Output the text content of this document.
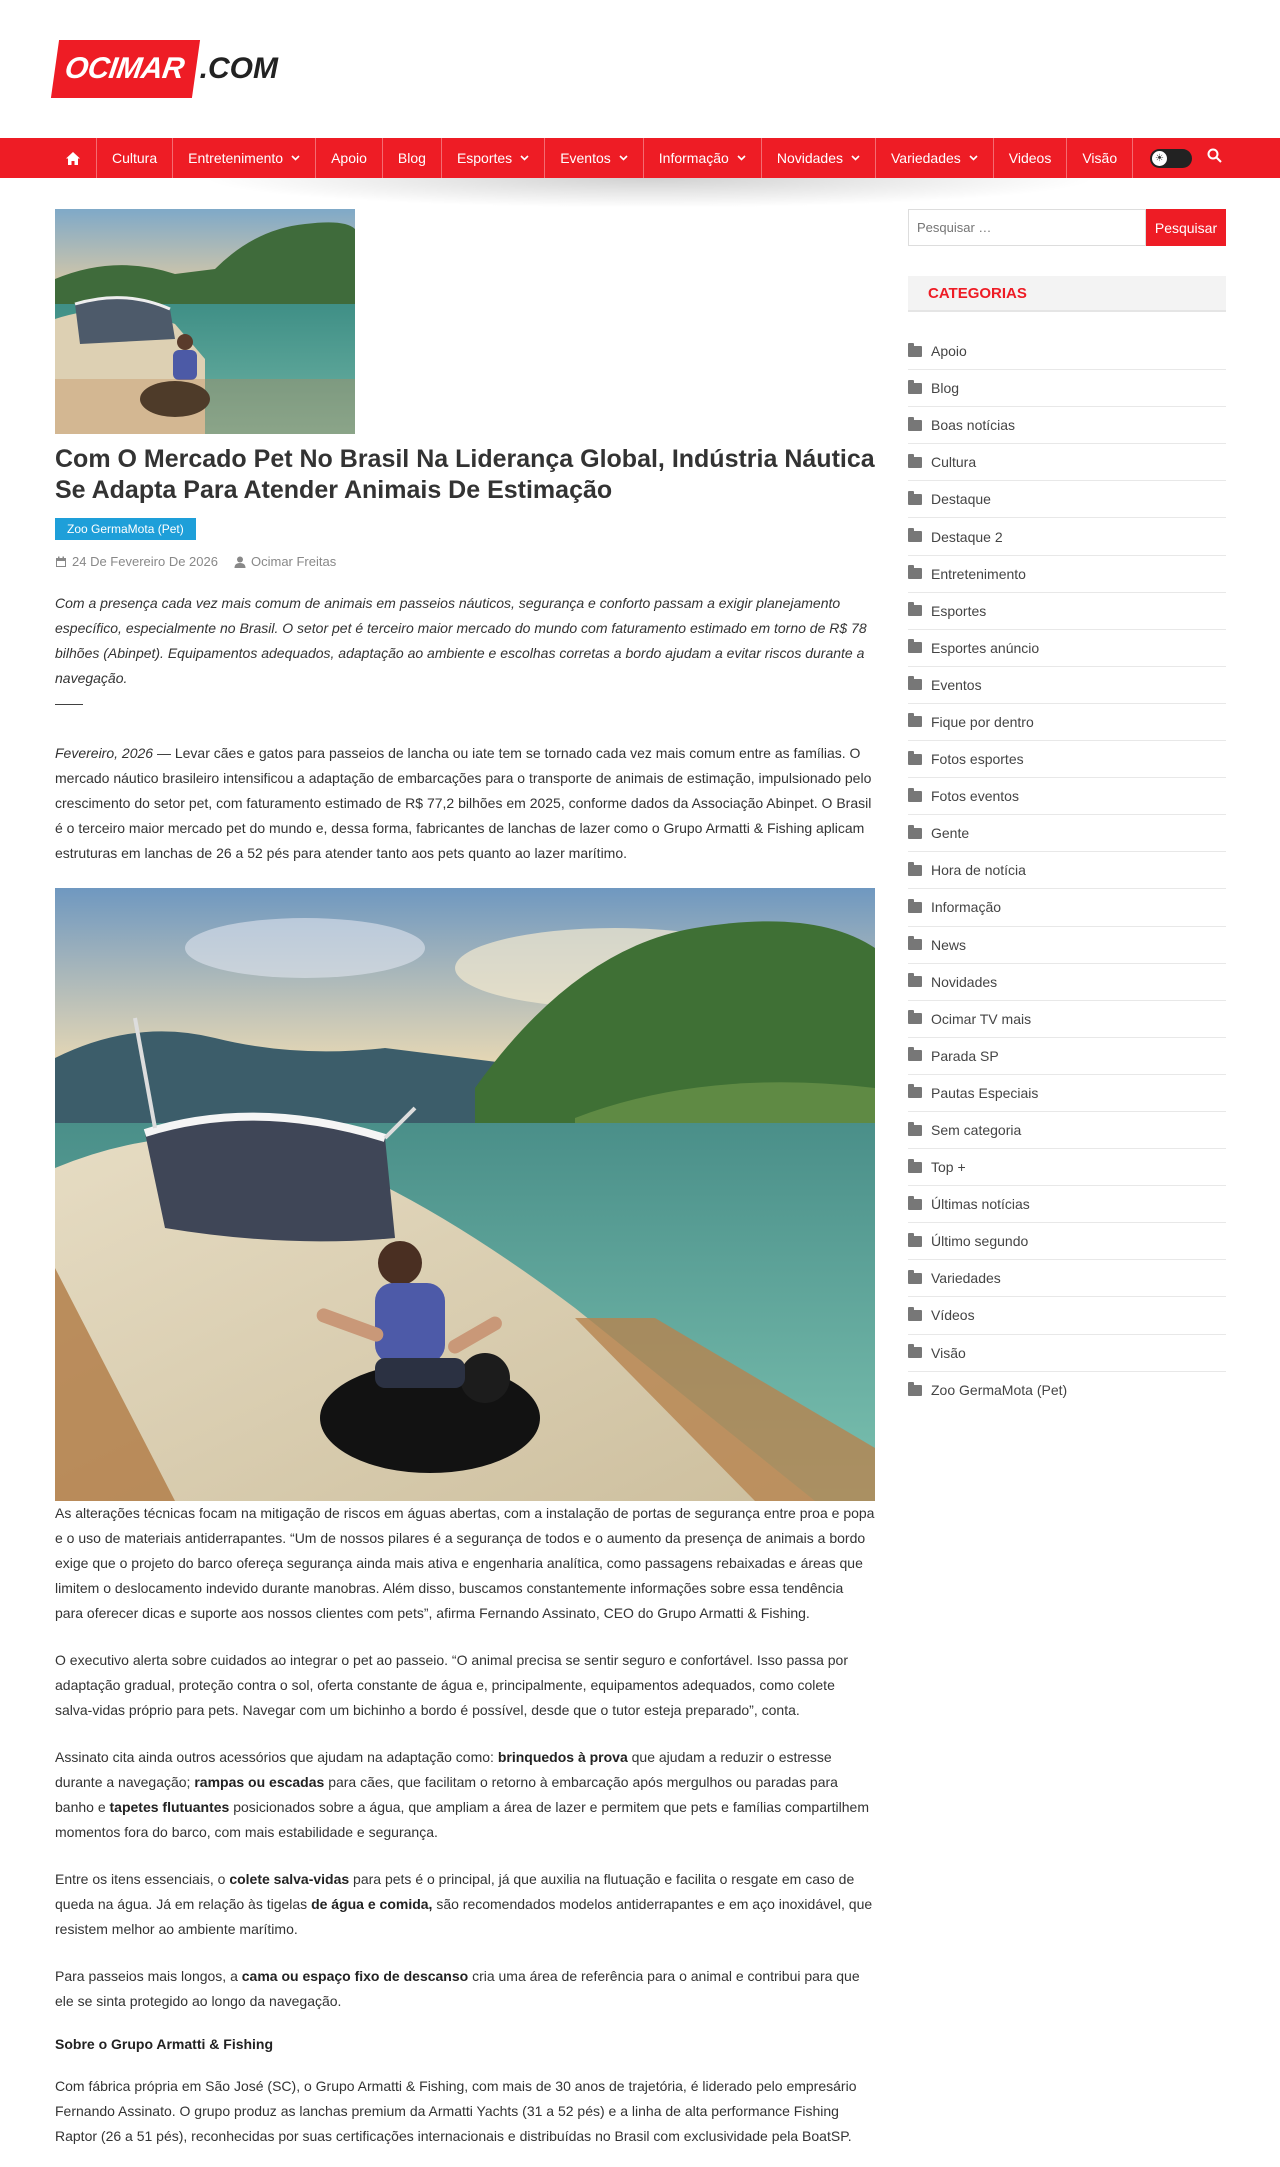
OCIMAR .COM
Cultura Entretenimento	Apoio Blog Esportes	Eventos	Informação	Novidades	Variedades	Videos Visão	☀
Com O Mercado Pet No Brasil Na Liderança Global, Indústria Náutica Se Adapta Para Atender Animais De Estimação
Zoo GermaMota (Pet)
24 De Fevereiro De 2026	Ocimar Freitas

Com a presença cada vez mais comum de animais em passeios náuticos, segurança e conforto passam a exigir planejamento específico, especialmente no Brasil. O setor pet é terceiro maior mercado do mundo com faturamento estimado em torno de R$ 78 bilhões (Abinpet). Equipamentos adequados, adaptação ao ambiente e escolhas corretas a bordo ajudam a evitar riscos durante a navegação.

——

Fevereiro, 2026 — Levar cães e gatos para passeios de lancha ou iate tem se tornado cada vez mais comum entre as famílias. O mercado náutico brasileiro intensificou a adaptação de embarcações para o transporte de animais de estimação, impulsionado pelo crescimento do setor pet, com faturamento estimado de R$ 77,2 bilhões em 2025, conforme dados da Associação Abinpet. O Brasil é o terceiro maior mercado pet do mundo e, dessa forma, fabricantes de lanchas de lazer como o Grupo Armatti & Fishing aplicam estruturas em lanchas de 26 a 52 pés para atender tanto aos pets quanto ao lazer marítimo.

As alterações técnicas focam na mitigação de riscos em águas abertas, com a instalação de portas de segurança entre proa e popa e o uso de materiais antiderrapantes. “Um de nossos pilares é a segurança de todos e o aumento da presença de animais a bordo exige que o projeto do barco ofereça segurança ainda mais ativa e engenharia analítica, como passagens rebaixadas e áreas que limitem o deslocamento indevido durante manobras. Além disso, buscamos constantemente informações sobre essa tendência para oferecer dicas e suporte aos nossos clientes com pets”, afirma Fernando Assinato, CEO do Grupo Armatti & Fishing.

O executivo alerta sobre cuidados ao integrar o pet ao passeio. “O animal precisa se sentir seguro e confortável. Isso passa por adaptação gradual, proteção contra o sol, oferta constante de água e, principalmente, equipamentos adequados, como colete salva-vidas próprio para pets. Navegar com um bichinho a bordo é possível, desde que o tutor esteja preparado”, conta.

Assinato cita ainda outros acessórios que ajudam na adaptação como: brinquedos à prova que ajudam a reduzir o estresse durante a navegação; rampas ou escadas para cães, que facilitam o retorno à embarcação após mergulhos ou paradas para banho e tapetes flutuantes posicionados sobre a água, que ampliam a área de lazer e permitem que pets e famílias compartilhem momentos fora do barco, com mais estabilidade e segurança.

Entre os itens essenciais, o colete salva-vidas para pets é o principal, já que auxilia na flutuação e facilita o resgate em caso de queda na água. Já em relação às tigelas de água e comida, são recomendados modelos antiderrapantes e em aço inoxidável, que resistem melhor ao ambiente marítimo.

Para passeios mais longos, a cama ou espaço fixo de descanso cria uma área de referência para o animal e contribui para que ele se sinta protegido ao longo da navegação.

Sobre o Grupo Armatti & Fishing

Com fábrica própria em São José (SC), o Grupo Armatti & Fishing, com mais de 30 anos de trajetória, é liderado pelo empresário Fernando Assinato. O grupo produz as lanchas premium da Armatti Yachts (31 a 52 pés) e a linha de alta performance Fishing Raptor (26 a 51 pés), reconhecidas por suas certificações internacionais e distribuídas no Brasil com exclusividade pela BoatSP.

Pesquisar …
Pesquisar
CATEGORIAS
Apoio
Blog
Boas notícias
Cultura
Destaque
Destaque 2
Entretenimento
Esportes
Esportes anúncio
Eventos
Fique por dentro
Fotos esportes
Fotos eventos
Gente
Hora de notícia
Informação
News
Novidades
Ocimar TV mais
Parada SP
Pautas Especiais
Sem categoria
Top +
Últimas notícias
Último segundo
Variedades
Vídeos
Visão
Zoo GermaMota (Pet)
